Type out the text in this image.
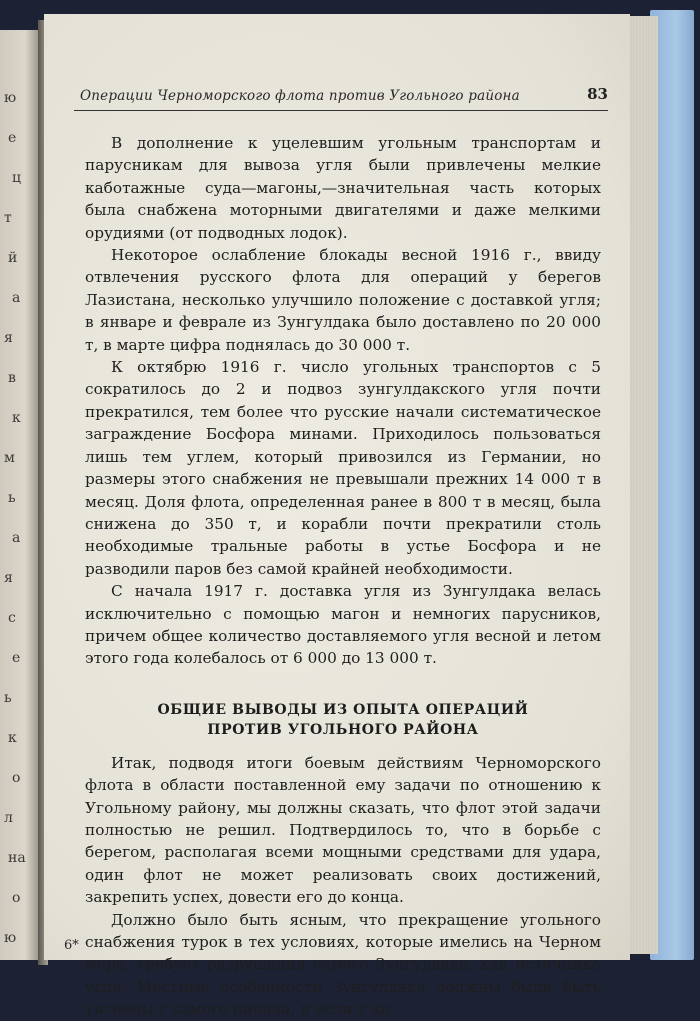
ю
е
ц
т
й
а
я
в
к
м
ь
а
я
с
е
ь
к
о
л
на
о
ю
Операции Черноморского флота против Угольного района	83

В дополнение к уцелевшим угольным транспортам и парусникам для вывоза угля были привлечены мелкие каботажные суда—магоны,—значительная часть которых была снабжена моторными двигателями и даже мелкими орудиями (от подводных лодок).

Некоторое ослабление блокады весной 1916 г., ввиду отвлечения русского флота для операций у берегов Лазистана, несколько улучшило положение с доставкой угля; в январе и феврале из Зунгулдака было доставлено по 20 000 т, в марте цифра поднялась до 30 000 т.

К октябрю 1916 г. число угольных транспортов с 5 сократилось до 2 и подвоз зунгулдакского угля почти прекратился, тем более что русские начали систематическое заграждение Босфора минами. Приходилось пользоваться лишь тем углем, который привозился из Германии, но размеры этого снабжения не превышали прежних 14 000 т в месяц. Доля флота, определенная ранее в 800 т в месяц, была снижена до 350 т, и корабли почти прекратили столь необходимые тральные работы в устье Босфора и не разводили паров без самой крайней необходимости.

С начала 1917 г. доставка угля из Зунгулдака велась исключительно с помощью магон и немногих парусников, причем общее количество доставляемого угля весной и летом этого года колебалось от 6 000 до 13 000 т.

ОБЩИЕ ВЫВОДЫ ИЗ ОПЫТА ОПЕРАЦИЙ
ПРОТИВ УГОЛЬНОГО РАЙОНА

Итак, подводя итоги боевым действиям Черноморского флота в области поставленной ему задачи по отношению к Угольному району, мы должны сказать, что флот этой задачи полностью не решил. Подтвердилось то, что в борьбе с берегом, располагая всеми мощными средствами для удара, один флот не может реализовать своих достижений, закрепить успех, довести его до конца.

Должно было быть ясным, что прекращение угольного снабжения турок в тех условиях, которые имелись на Черном море, требует разрушения самого Зунгулдака, как источника угля. Местные особенности Зунгулдака должны были быть уяснены с самого начала, и если у ко-

6*
